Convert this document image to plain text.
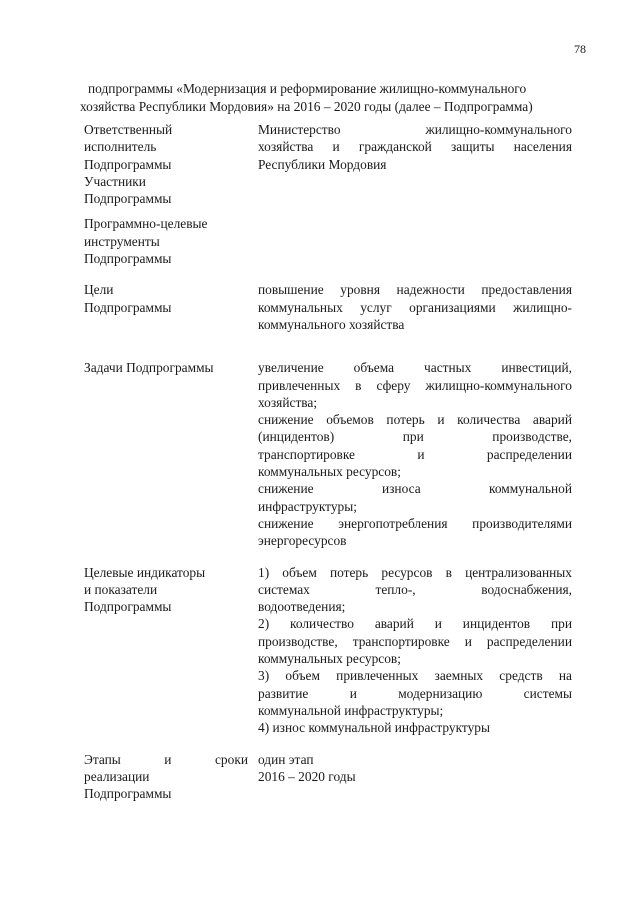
78
подпрограммы «Модернизация и реформирование жилищно-коммунального
хозяйства Республики Мордовия» на 2016 – 2020 годы (далее – Подпрограмма)
Ответственный
исполнитель
Подпрограммы
Министерство жилищно-коммунального
хозяйства и гражданской защиты населения
Республики Мордовия
Участники
Подпрограммы
Программно-целевые
инструменты
Подпрограммы
Цели
Подпрограммы
повышение уровня надежности предоставления
коммунальных услуг организациями жилищно-
коммунального хозяйства
Задачи Подпрограммы	увеличение объема частных инвестиций,
привлеченных в сферу жилищно-коммунального
хозяйства;
снижение объемов потерь и количества аварий
(инцидентов) при производстве,
транспортировке и распределении
коммунальных ресурсов;
снижение износа коммунальной
инфраструктуры;
снижение энергопотребления производителями
энергоресурсов
Целевые индикаторы
и показатели
Подпрограммы
1) объем потерь ресурсов в централизованных
системах тепло-, водоснабжения,
водоотведения;
2) количество аварий и инцидентов при
производстве, транспортировке и распределении
коммунальных ресурсов;
3) объем привлеченных заемных средств на
развитие и модернизацию системы
коммунальной инфраструктуры;
4) износ коммунальной инфраструктуры
Этапы и сроки
реализации
Подпрограммы
один этап
2016 – 2020 годы
